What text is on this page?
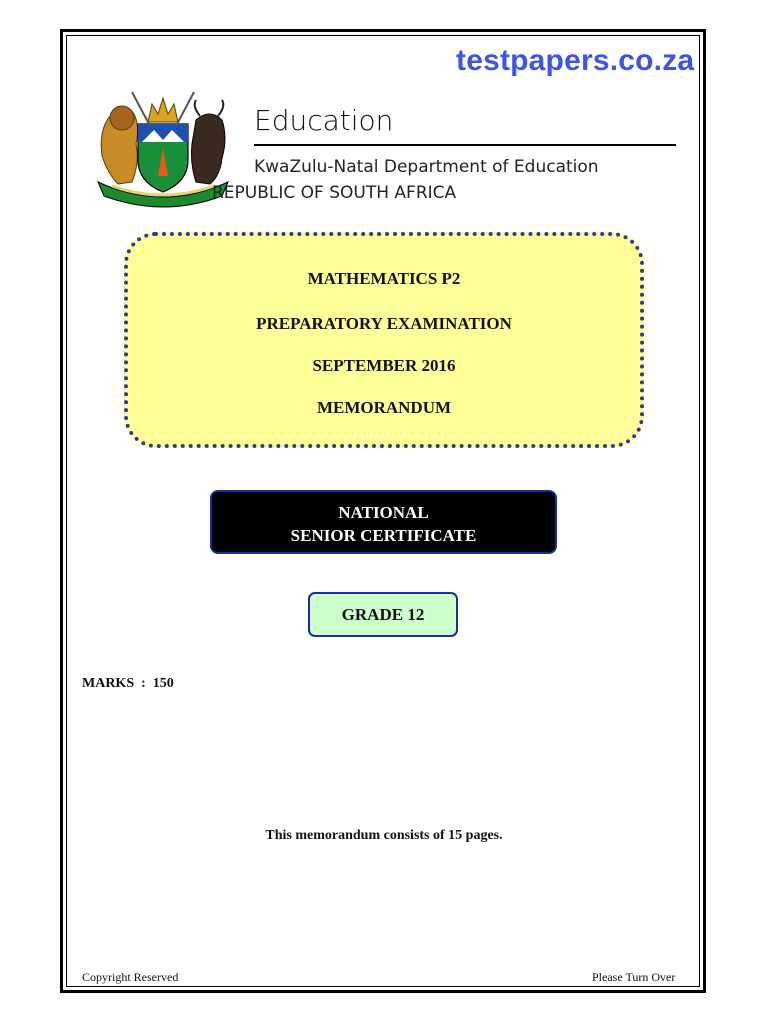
testpapers.co.za
Education
KwaZulu-Natal Department of Education
REPUBLIC OF SOUTH AFRICA
MATHEMATICS P2
PREPARATORY EXAMINATION
SEPTEMBER 2016
MEMORANDUM
NATIONAL
SENIOR CERTIFICATE
GRADE 12
MARKS  : 150
This memorandum consists of 15 pages.
Copyright Reserved	Please Turn Over
